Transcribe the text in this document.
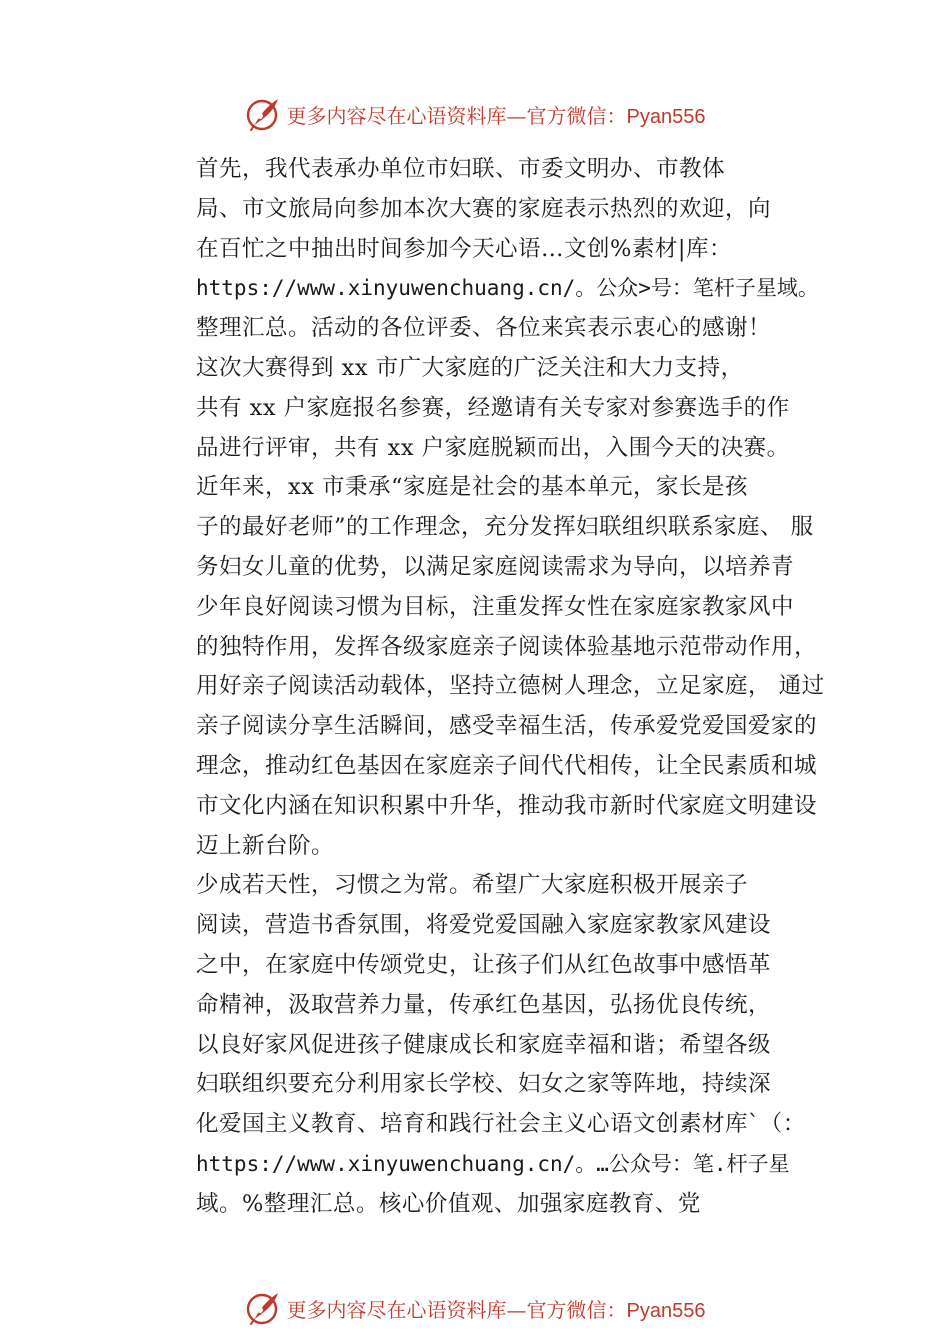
更多内容尽在心语资料库—官方微信：Pyan556
首先，我代表承办单位市妇联、市委文明办、市教体
局、市文旅局向参加本次大赛的家庭表示热烈的欢迎，向
在百忙之中抽出时间参加今天心语…文创%素材|库：
https://www.xinyuwenchuang.cn/。公众>号：笔杆子星域。
整理汇总。活动的各位评委、各位来宾表示衷心的感谢！
这次大赛得到 xx 市广大家庭的广泛关注和大力支持，
共有 xx 户家庭报名参赛，经邀请有关专家对参赛选手的作
品进行评审，共有 xx 户家庭脱颖而出，入围今天的决赛。
近年来，xx 市秉承“家庭是社会的基本单元，家长是孩
子的最好老师”的工作理念，充分发挥妇联组织联系家庭、 服
务妇女儿童的优势，以满足家庭阅读需求为导向，以培养青
少年良好阅读习惯为目标，注重发挥女性在家庭家教家风中
的独特作用，发挥各级家庭亲子阅读体验基地示范带动作用，
用好亲子阅读活动载体，坚持立德树人理念，立足家庭， 通过
亲子阅读分享生活瞬间，感受幸福生活，传承爱党爱国爱家的
理念，推动红色基因在家庭亲子间代代相传，让全民素质和城
市文化内涵在知识积累中升华，推动我市新时代家庭文明建设
迈上新台阶。
少成若天性，习惯之为常。希望广大家庭积极开展亲子
阅读，营造书香氛围，将爱党爱国融入家庭家教家风建设
之中，在家庭中传颂党史，让孩子们从红色故事中感悟革
命精神，汲取营养力量，传承红色基因，弘扬优良传统，
以良好家风促进孩子健康成长和家庭幸福和谐；希望各级
妇联组织要充分利用家长学校、妇女之家等阵地，持续深
化爱国主义教育、培育和践行社会主义心语文创素材库`（：
https://www.xinyuwenchuang.cn/。…公众号：笔.杆子星
域。%整理汇总。核心价值观、加强家庭教育、党
更多内容尽在心语资料库—官方微信：Pyan556
